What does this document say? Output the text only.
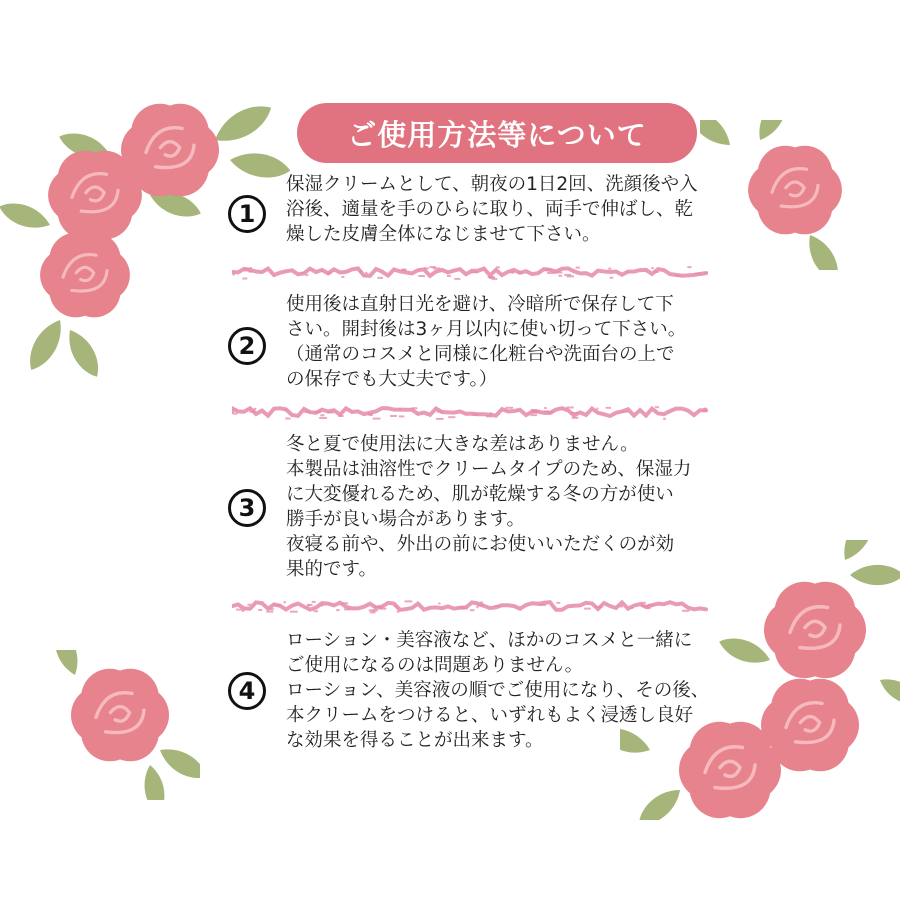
ご使用方法等について
1
保湿クリームとして、朝夜の1日2回、洗顔後や入
浴後、適量を手のひらに取り、両手で伸ばし、乾
燥した皮膚全体になじませて下さい。
2
使用後は直射日光を避け、冷暗所で保存して下
さい。開封後は3ヶ月以内に使い切って下さい。
（通常のコスメと同様に化粧台や洗面台の上で
の保存でも大丈夫です。）
3
冬と夏で使用法に大きな差はありません。
本製品は油溶性でクリームタイプのため、保湿力
に大変優れるため、肌が乾燥する冬の方が使い
勝手が良い場合があります。
夜寝る前や、外出の前にお使いいただくのが効
果的です。
4
ローション・美容液など、ほかのコスメと一緒に
ご使用になるのは問題ありません。
ローション、美容液の順でご使用になり、その後、
本クリームをつけると、いずれもよく浸透し良好
な効果を得ることが出来ます。
